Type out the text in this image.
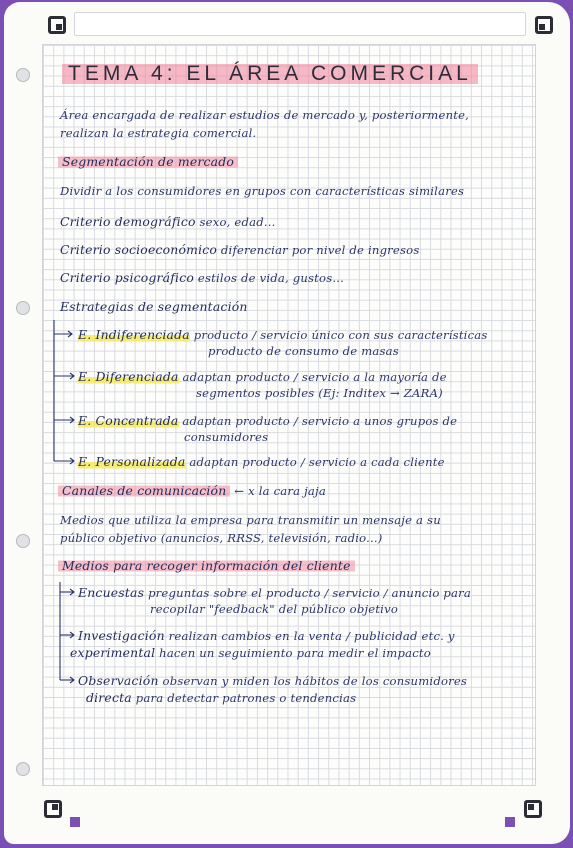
TEMA 4: EL ÁREA COMERCIAL
Área encargada de realizar estudios de mercado y, posteriormente,
realizan la estrategia comercial.
Segmentación de mercado
Dividir a los consumidores en grupos con características similares
Criterio demográfico sexo, edad...
Criterio socioeconómico diferenciar por nivel de ingresos
Criterio psicográfico estilos de vida, gustos...
Estrategias de segmentación
E. Indiferenciada producto / servicio único con sus características
producto de consumo de masas
E. Diferenciada adaptan producto / servicio a la mayoría de
segmentos posibles (Ej: Inditex → ZARA)
E. Concentrada adaptan producto / servicio a unos grupos de
consumidores
E. Personalizada adaptan producto / servicio a cada cliente
Canales de comunicación ← x la cara jaja
Medios que utiliza la empresa para transmitir un mensaje a su
público objetivo (anuncios, RRSS, televisión, radio...)
Medios para recoger información del cliente
Encuestas preguntas sobre el producto / servicio / anuncio para
recopilar "feedback" del público objetivo
Investigación realizan cambios en la venta / publicidad etc. y
experimental hacen un seguimiento para medir el impacto
Observación observan y miden los hábitos de los consumidores
directa para detectar patrones o tendencias
